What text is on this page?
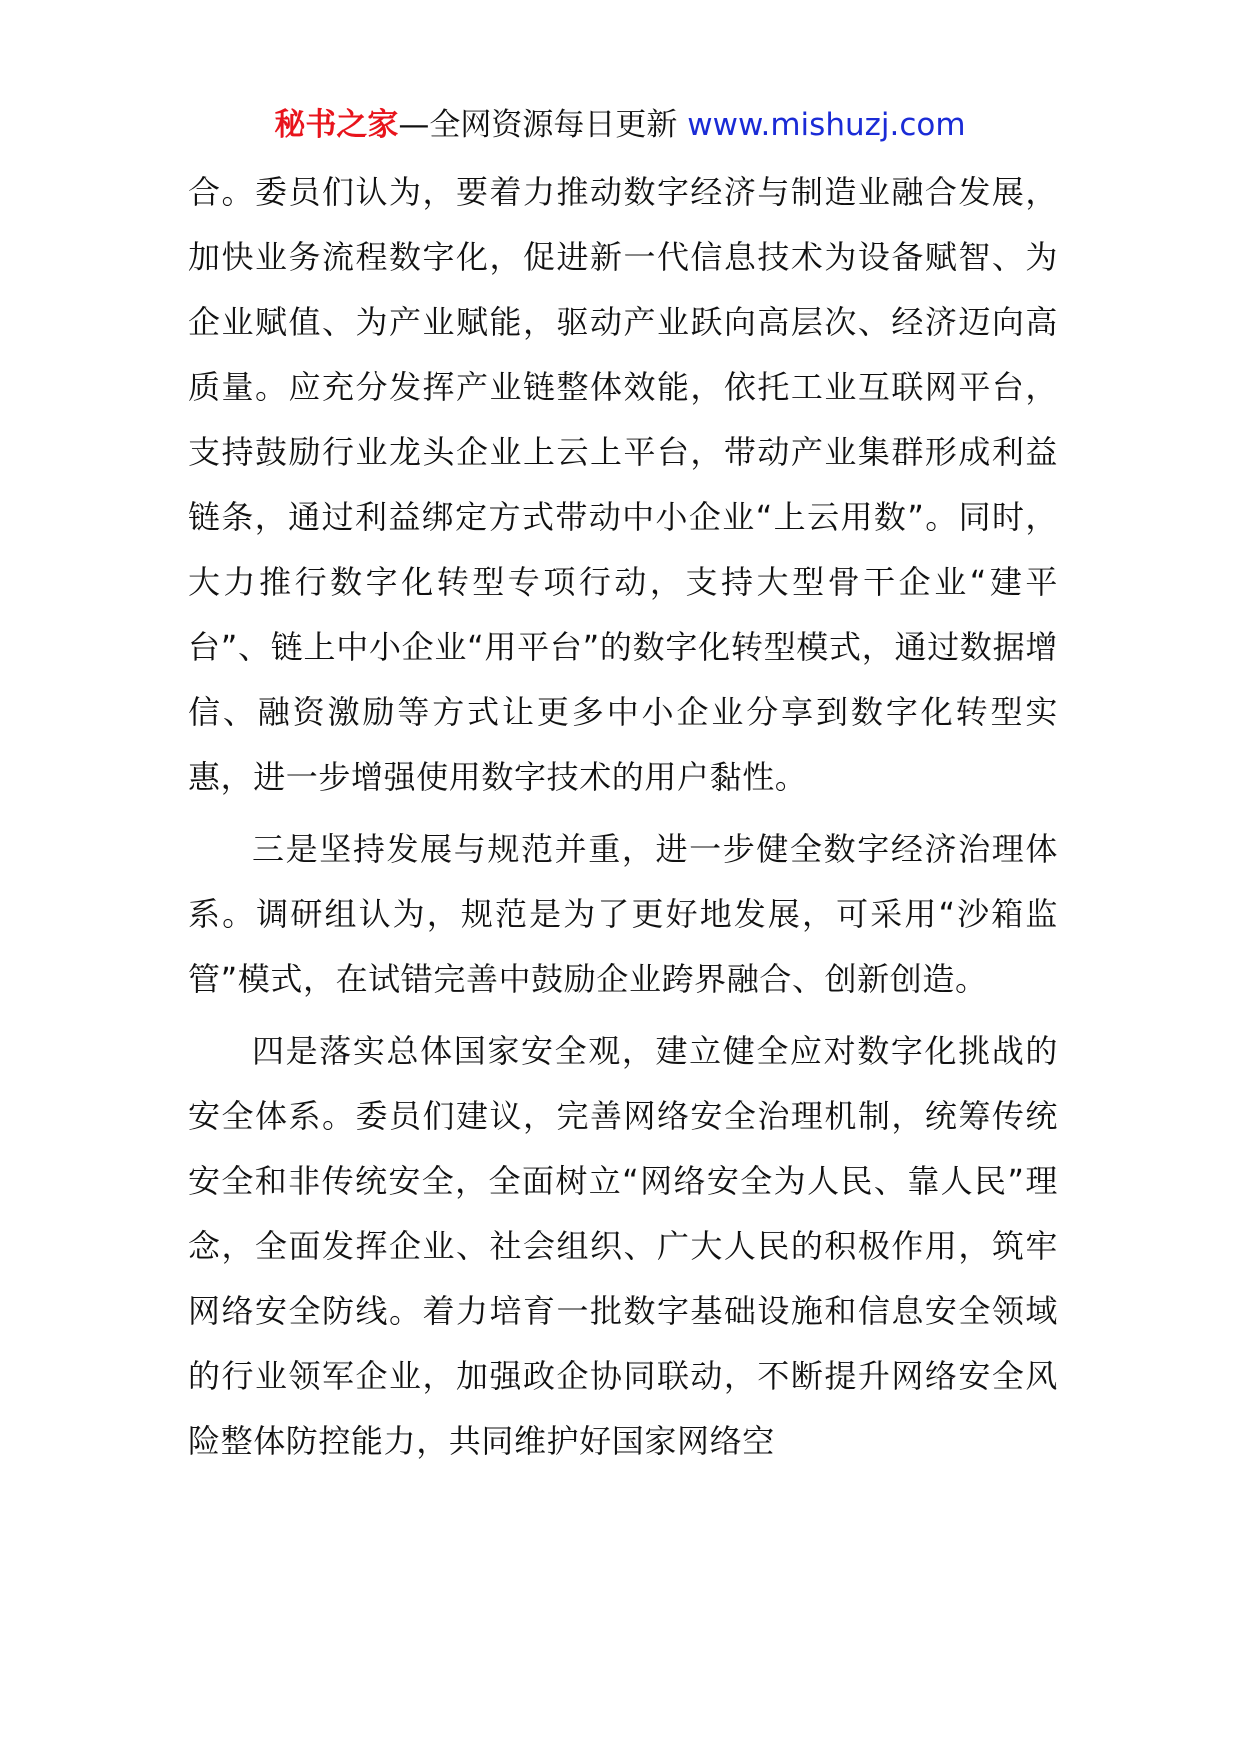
秘书之家—全网资源每日更新 www.mishuzj.com

合。委员们认为，要着力推动数字经济与制造业融合发展，加快业务流程数字化，促进新一代信息技术为设备赋智、为企业赋值、为产业赋能，驱动产业跃向高层次、经济迈向高质量。应充分发挥产业链整体效能，依托工业互联网平台，支持鼓励行业龙头企业上云上平台，带动产业集群形成利益链条，通过利益绑定方式带动中小企业“上云用数”。同时，大力推行数字化转型专项行动，支持大型骨干企业“建平台”、链上中小企业“用平台”的数字化转型模式，通过数据增信、融资激励等方式让更多中小企业分享到数字化转型实惠，进一步增强使用数字技术的用户黏性。

三是坚持发展与规范并重，进一步健全数字经济治理体系。调研组认为，规范是为了更好地发展，可采用“沙箱监管”模式，在试错完善中鼓励企业跨界融合、创新创造。

四是落实总体国家安全观，建立健全应对数字化挑战的安全体系。委员们建议，完善网络安全治理机制，统筹传统安全和非传统安全，全面树立“网络安全为人民、靠人民”理念，全面发挥企业、社会组织、广大人民的积极作用，筑牢网络安全防线。着力培育一批数字基础设施和信息安全领域的行业领军企业，加强政企协同联动，不断提升网络安全风险整体防控能力，共同维护好国家网络空
